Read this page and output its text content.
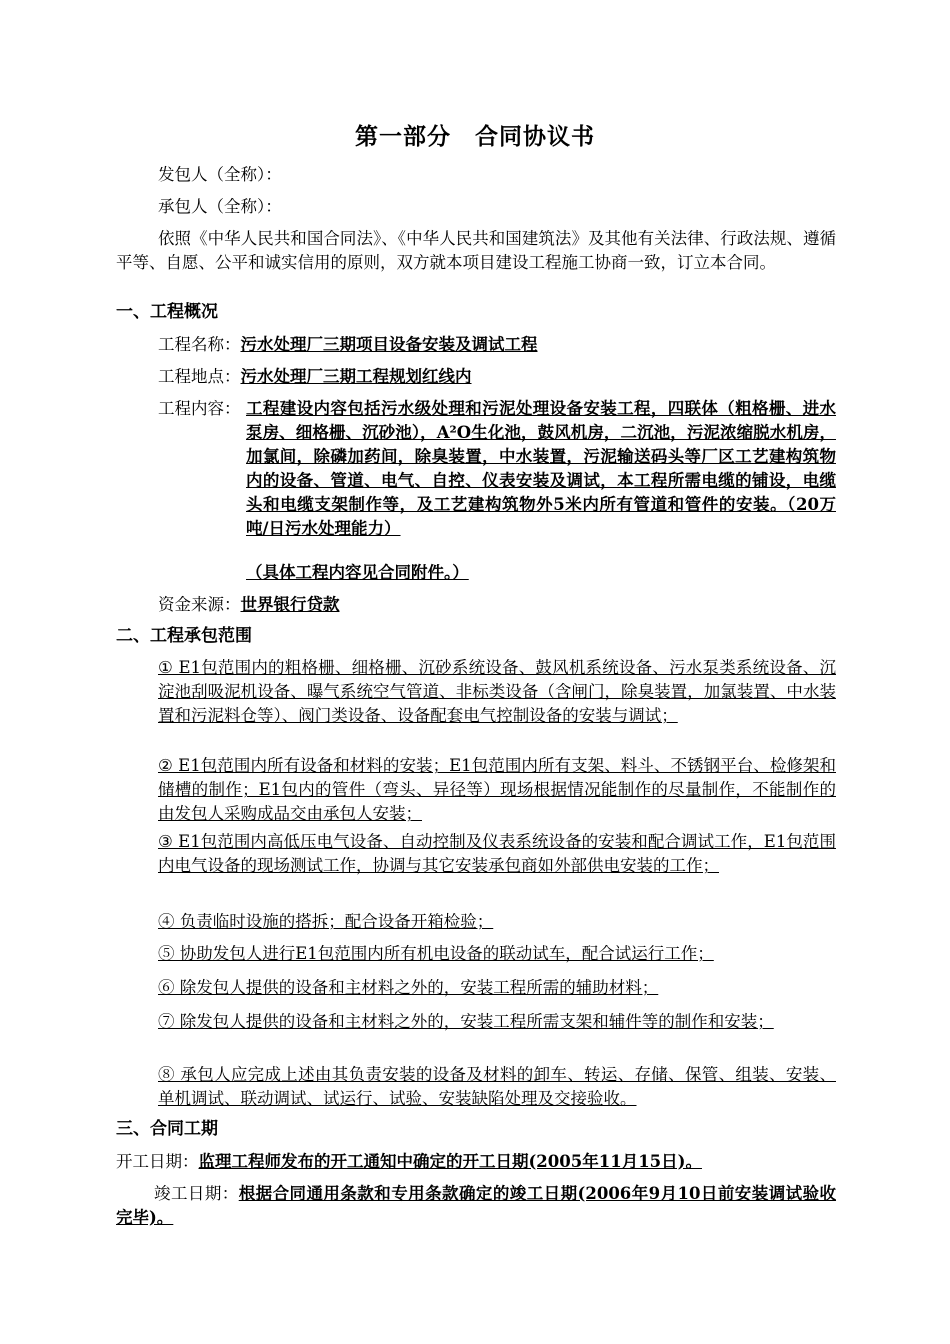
第一部分　合同协议书
发包人（全称）：
承包人（全称）：
依照《中华人民共和国合同法》、《中华人民共和国建筑法》及其他有关法律、行政法规、遵循平等、自愿、公平和诚实信用的原则，双方就本项目建设工程施工协商一致，订立本合同。
一、工程概况
工程名称：污水处理厂三期项目设备安装及调试工程
工程地点：污水处理厂三期工程规划红线内
工程内容： 工程建设内容包括污水级处理和污泥处理设备安装工程，四联体（粗格栅、进水泵房、细格栅、沉砂池），A²O生化池，鼓风机房，二沉池，污泥浓缩脱水机房，加氯间，除磷加药间，除臭装置，中水装置，污泥输送码头等厂区工艺建构筑物内的设备、管道、电气、自控、仪表安装及调试，本工程所需电缆的铺设，电缆头和电缆支架制作等，及工艺建构筑物外5米内所有管道和管件的安装。（20万吨/日污水处理能力）
（具体工程内容见合同附件。）
资金来源：世界银行贷款
二、工程承包范围
① E1包范围内的粗格栅、细格栅、沉砂系统设备、鼓风机系统设备、污水泵类系统设备、沉淀池刮吸泥机设备、曝气系统空气管道、非标类设备（含闸门，除臭装置，加氯装置、中水装置和污泥料仓等）、阀门类设备、设备配套电气控制设备的安装与调试；
② E1包范围内所有设备和材料的安装；E1包范围内所有支架、料斗、不锈钢平台、检修架和储槽的制作；E1包内的管件（弯头、异径等）现场根据情况能制作的尽量制作，不能制作的由发包人采购成品交由承包人安装；
③ E1包范围内高低压电气设备、自动控制及仪表系统设备的安装和配合调试工作，E1包范围内电气设备的现场测试工作，协调与其它安装承包商如外部供电安装的工作；
④ 负责临时设施的搭拆；配合设备开箱检验；
⑤ 协助发包人进行E1包范围内所有机电设备的联动试车，配合试运行工作；
⑥ 除发包人提供的设备和主材料之外的，安装工程所需的辅助材料；
⑦ 除发包人提供的设备和主材料之外的，安装工程所需支架和辅件等的制作和安装；
⑧ 承包人应完成上述由其负责安装的设备及材料的卸车、转运、存储、保管、组装、安装、单机调试、联动调试、试运行、试验、安装缺陷处理及交接验收。
三、合同工期
开工日期：监理工程师发布的开工通知中确定的开工日期(2005年11月15日)。
竣工日期：根据合同通用条款和专用条款确定的竣工日期(2006年9月10日前安装调试验收完毕)。
